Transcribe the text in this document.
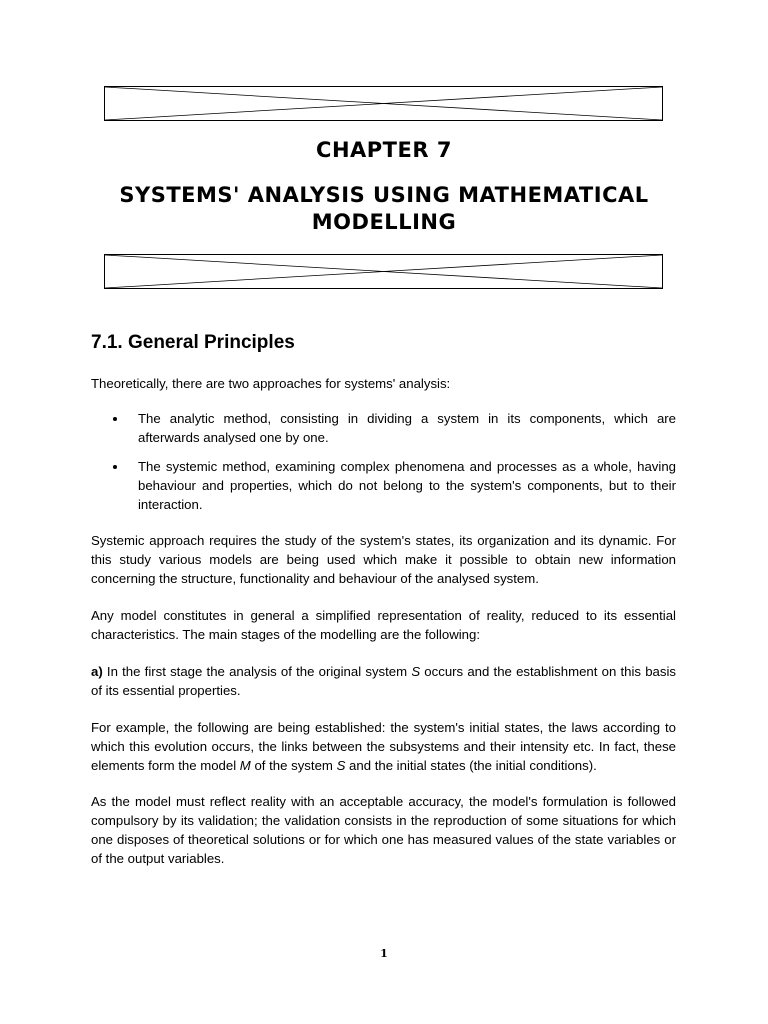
CHAPTER 7
SYSTEMS' ANALYSIS USING MATHEMATICAL MODELLING
7.1. General Principles

Theoretically, there are two approaches for systems' analysis:

The analytic method, consisting in dividing a system in its components, which are afterwards analysed one by one.
The systemic method, examining complex phenomena and processes as a whole, having behaviour and properties, which do not belong to the system's components, but to their interaction.

Systemic approach requires the study of the system's states, its organization and its dynamic. For this study various models are being used which make it possible to obtain new information concerning the structure, functionality and behaviour of the analysed system.

Any model constitutes in general a simplified representation of reality, reduced to its essential characteristics. The main stages of the modelling are the following:

a) In the first stage the analysis of the original system S occurs and the establishment on this basis of its essential properties.

For example, the following are being established: the system's initial states, the laws according to which this evolution occurs, the links between the subsystems and their intensity etc. In fact, these elements form the model M of the system S and the initial states (the initial conditions).

As the model must reflect reality with an acceptable accuracy, the model's formulation is followed compulsory by its validation; the validation consists in the reproduction of some situations for which one disposes of theoretical solutions or for which one has measured values of the state variables or of the output variables.

1
